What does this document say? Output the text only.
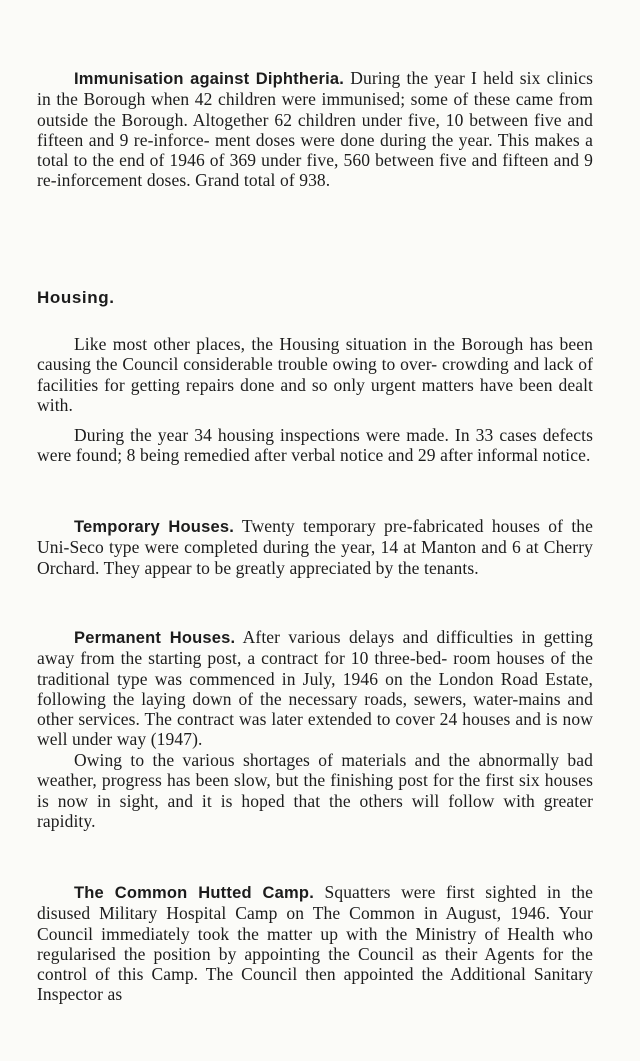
Immunisation against Diphtheria. During the year I held six clinics in the Borough when 42 children were immunised; some of these came from outside the Borough. Altogether 62 children under five, 10 between five and fifteen and 9 re-inforce- ment doses were done during the year. This makes a total to the end of 1946 of 369 under five, 560 between five and fifteen and 9 re-inforcement doses. Grand total of 938.

Housing.

Like most other places, the Housing situation in the Borough has been causing the Council considerable trouble owing to over- crowding and lack of facilities for getting repairs done and so only urgent matters have been dealt with.

During the year 34 housing inspections were made. In 33 cases defects were found; 8 being remedied after verbal notice and 29 after informal notice.

Temporary Houses. Twenty temporary pre-fabricated houses of the Uni-Seco type were completed during the year, 14 at Manton and 6 at Cherry Orchard. They appear to be greatly appreciated by the tenants.

Permanent Houses. After various delays and difficulties in getting away from the starting post, a contract for 10 three-bed- room houses of the traditional type was commenced in July, 1946 on the London Road Estate, following the laying down of the necessary roads, sewers, water-mains and other services. The contract was later extended to cover 24 houses and is now well under way (1947).

Owing to the various shortages of materials and the abnormally bad weather, progress has been slow, but the finishing post for the first six houses is now in sight, and it is hoped that the others will follow with greater rapidity.

The Common Hutted Camp. Squatters were first sighted in the disused Military Hospital Camp on The Common in August, 1946. Your Council immediately took the matter up with the Ministry of Health who regularised the position by appointing the Council as their Agents for the control of this Camp. The Council then appointed the Additional Sanitary Inspector as
